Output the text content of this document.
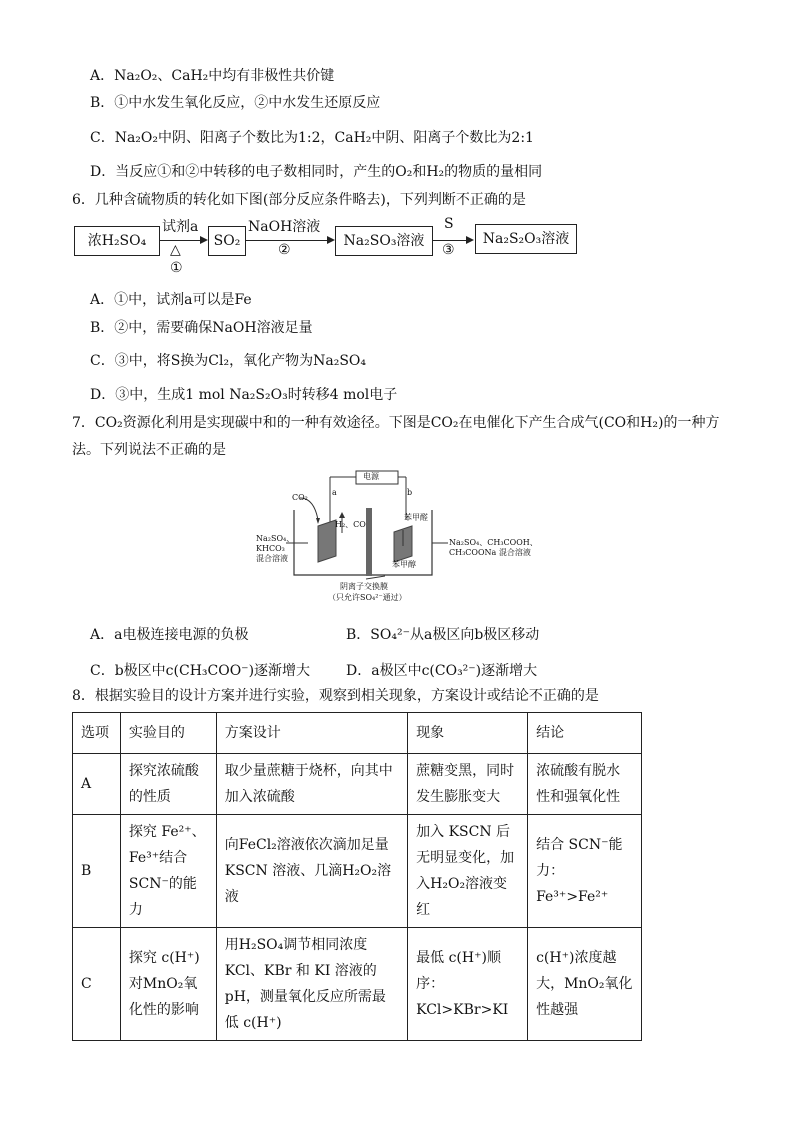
A．Na₂O₂、CaH₂中均有非极性共价键
B．①中水发生氧化反应，②中水发生还原反应
C．Na₂O₂中阴、阳离子个数比为1:2，CaH₂中阴、阳离子个数比为2:1
D．当反应①和②中转移的电子数相同时，产生的O₂和H₂的物质的量相同
6．几种含硫物质的转化如下图(部分反应条件略去)，下列判断不正确的是
浓H₂SO₄
试剂a
△
①
SO₂
NaOH溶液
②
Na₂SO₃溶液
S
③
Na₂S₂O₃溶液
A．①中，试剂a可以是Fe
B．②中，需要确保NaOH溶液足量
C．③中，将S换为Cl₂，氧化产物为Na₂SO₄
D．③中，生成1 mol Na₂S₂O₃时转移4 mol电子
7．CO₂资源化利用是实现碳中和的一种有效途径。下图是CO₂在电催化下产生合成气(CO和H₂)的一种方
法。下列说法不正确的是
电源
a	b
CO₂
H₂、CO
Na₂SO₄、
KHCO₃
混合溶液
Na₂SO₄、CH₃COOH、
CH₃COONa 混合溶液
苯甲醛
苯甲醇
阴离子交换膜
（只允许SO₄²⁻通过）
A．a电极连接电源的负极	B．SO₄²⁻从a极区向b极区移动
C．b极区中c(CH₃COO⁻)逐渐增大	D．a极区中c(CO₃²⁻)逐渐增大
8．根据实验目的设计方案并进行实验，观察到相关现象，方案设计或结论不正确的是
选项	实验目的	方案设计	现象	结论
A	探究浓硫酸的性质	取少量蔗糖于烧杯，向其中加入浓硫酸	蔗糖变黑，同时发生膨胀变大	浓硫酸有脱水性和强氧化性
B	探究 Fe²⁺、Fe³⁺结合SCN⁻的能力	向FeCl₂溶液依次滴加足量KSCN 溶液、几滴H₂O₂溶液	加入 KSCN 后无明显变化，加入H₂O₂溶液变红	结合 SCN⁻能力：Fe³⁺>Fe²⁺
C	探究 c(H⁺)对MnO₂氧化性的影响	用H₂SO₄调节相同浓度KCl、KBr 和 KI 溶液的pH，测量氧化反应所需最低 c(H⁺)	最低 c(H⁺)顺序：KCl>KBr>KI	c(H⁺)浓度越大，MnO₂氧化性越强
